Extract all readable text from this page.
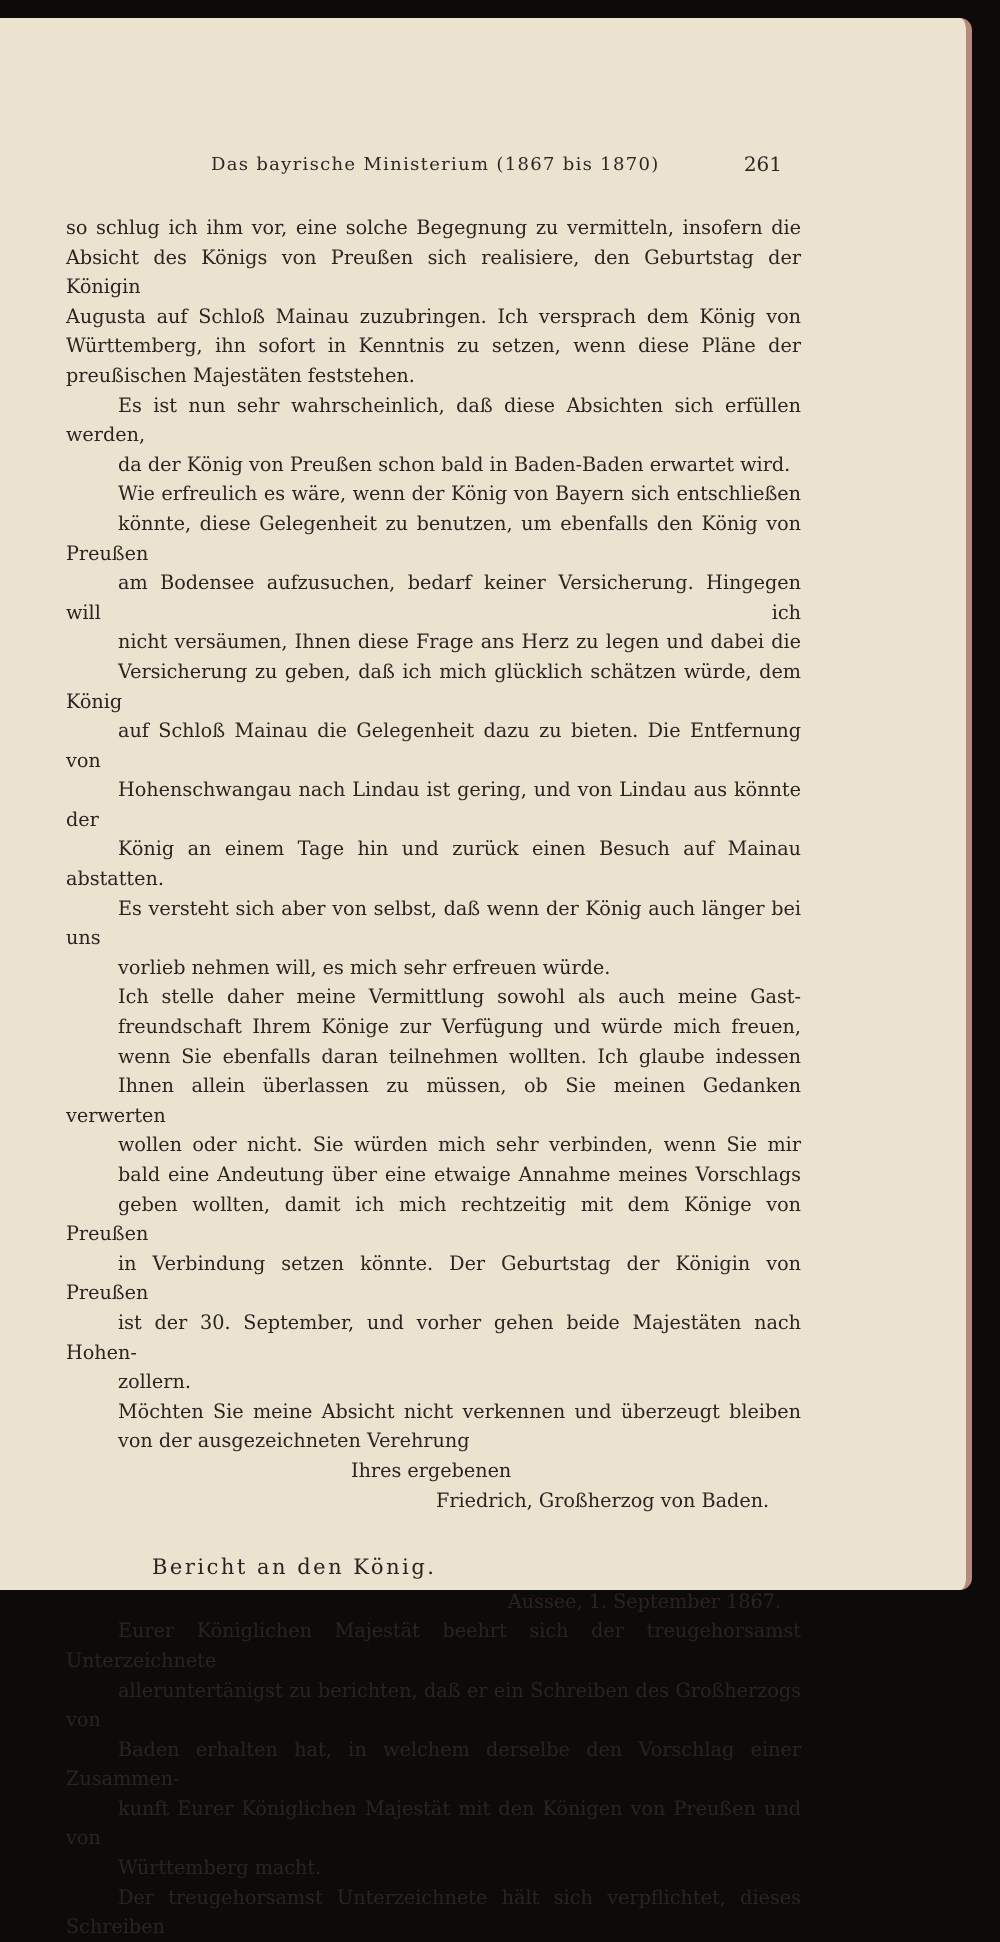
Das bayrische Ministerium (1867 bis 1870)	261

so schlug ich ihm vor, eine solche Begegnung zu vermitteln, insofern die
Absicht des Königs von Preußen sich realisiere, den Geburtstag der Königin
Augusta auf Schloß Mainau zuzubringen. Ich versprach dem König von
Württemberg, ihn sofort in Kenntnis zu setzen, wenn diese Pläne der
preußischen Majestäten feststehen.

Es ist nun sehr wahrscheinlich, daß diese Absichten sich erfüllen werden,
da der König von Preußen schon bald in Baden-Baden erwartet wird.

Wie erfreulich es wäre, wenn der König von Bayern sich entschließen
könnte, diese Gelegenheit zu benutzen, um ebenfalls den König von Preußen
am Bodensee aufzusuchen, bedarf keiner Versicherung. Hingegen will ich
nicht versäumen, Ihnen diese Frage ans Herz zu legen und dabei die
Versicherung zu geben, daß ich mich glücklich schätzen würde, dem König
auf Schloß Mainau die Gelegenheit dazu zu bieten. Die Entfernung von
Hohenschwangau nach Lindau ist gering, und von Lindau aus könnte der
König an einem Tage hin und zurück einen Besuch auf Mainau abstatten.
Es versteht sich aber von selbst, daß wenn der König auch länger bei uns
vorlieb nehmen will, es mich sehr erfreuen würde.

Ich stelle daher meine Vermittlung sowohl als auch meine Gast-
freundschaft Ihrem Könige zur Verfügung und würde mich freuen,
wenn Sie ebenfalls daran teilnehmen wollten. Ich glaube indessen
Ihnen allein überlassen zu müssen, ob Sie meinen Gedanken verwerten
wollen oder nicht. Sie würden mich sehr verbinden, wenn Sie mir
bald eine Andeutung über eine etwaige Annahme meines Vorschlags
geben wollten, damit ich mich rechtzeitig mit dem Könige von Preußen
in Verbindung setzen könnte. Der Geburtstag der Königin von Preußen
ist der 30. September, und vorher gehen beide Majestäten nach Hohen-
zollern.

Möchten Sie meine Absicht nicht verkennen und überzeugt bleiben
von der ausgezeichneten Verehrung

Ihres ergebenen
Friedrich, Großherzog von Baden.
Bericht an den König.
Aussee, 1. September 1867.

Eurer Königlichen Majestät beehrt sich der treugehorsamst Unterzeichnete
alleruntertänigst zu berichten, daß er ein Schreiben des Großherzogs von
Baden erhalten hat, in welchem derselbe den Vorschlag einer Zusammen-
kunft Eurer Königlichen Majestät mit den Königen von Preußen und von
Württemberg macht.

Der treugehorsamst Unterzeichnete hält sich verpflichtet, dieses Schreiben
